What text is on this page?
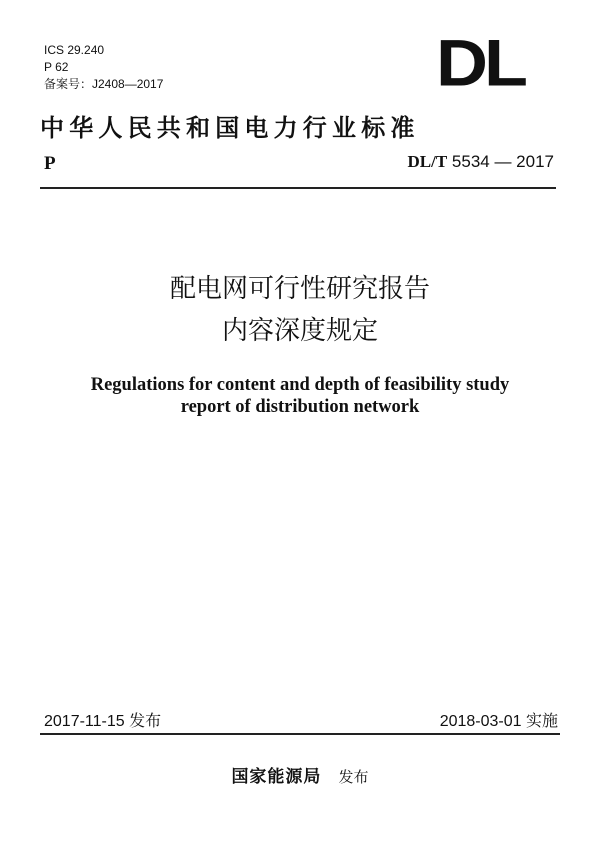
ICS 29.240
P 62
备案号：J2408—2017	DL
中华人民共和国电力行业标准
P	DL/T 5534 — 2017
配电网可行性研究报告
内容深度规定
Regulations for content and depth of feasibility study
report of distribution network
2017-11-15 发布	2018-03-01 实施
国家能源局 发布
